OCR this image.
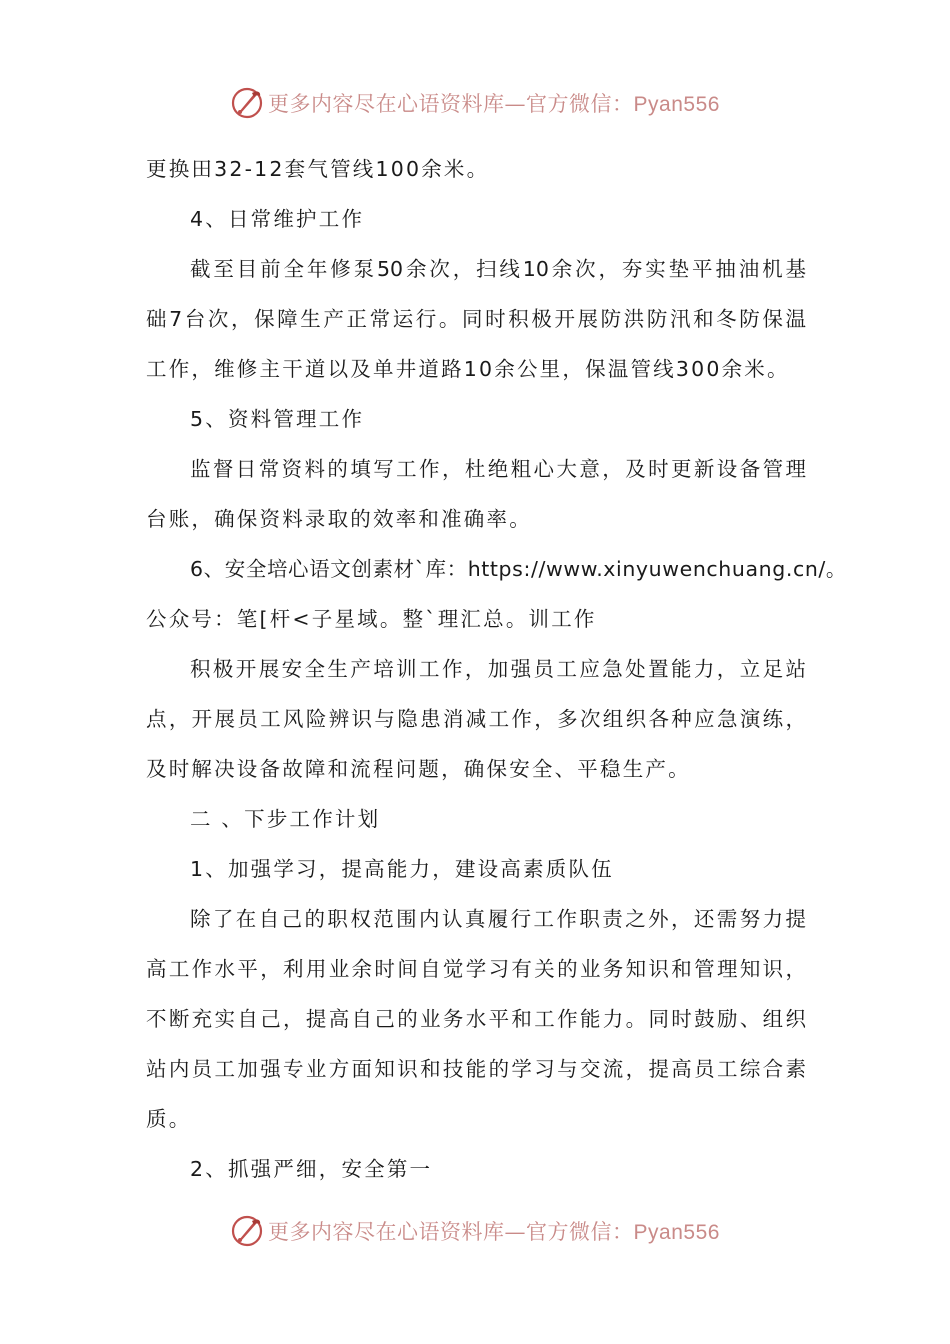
更多内容尽在心语资料库—官方微信：Pyan556
更换田32-12套气管线100余米。
4、日常维护工作
截至目前全年修泵50余次，扫线10余次，夯实垫平抽油机基
础7台次，保障生产正常运行。同时积极开展防洪防汛和冬防保温
工作，维修主干道以及单井道路10余公里，保温管线300余米。
5、资料管理工作
监督日常资料的填写工作，杜绝粗心大意，及时更新设备管理
台账，确保资料录取的效率和准确率。
6、安全培心语文创素材`库：https://www.xinyuwenchuang.cn/。
公众号：笔[杆<子星域。整`理汇总。训工作
积极开展安全生产培训工作，加强员工应急处置能力，立足站
点，开展员工风险辨识与隐患消减工作，多次组织各种应急演练，
及时解决设备故障和流程问题，确保安全、平稳生产。
二 、下步工作计划
1、加强学习，提高能力，建设高素质队伍
除了在自己的职权范围内认真履行工作职责之外，还需努力提
高工作水平，利用业余时间自觉学习有关的业务知识和管理知识，
不断充实自己，提高自己的业务水平和工作能力。同时鼓励、组织
站内员工加强专业方面知识和技能的学习与交流，提高员工综合素
质。
2、抓强严细，安全第一
更多内容尽在心语资料库—官方微信：Pyan556
